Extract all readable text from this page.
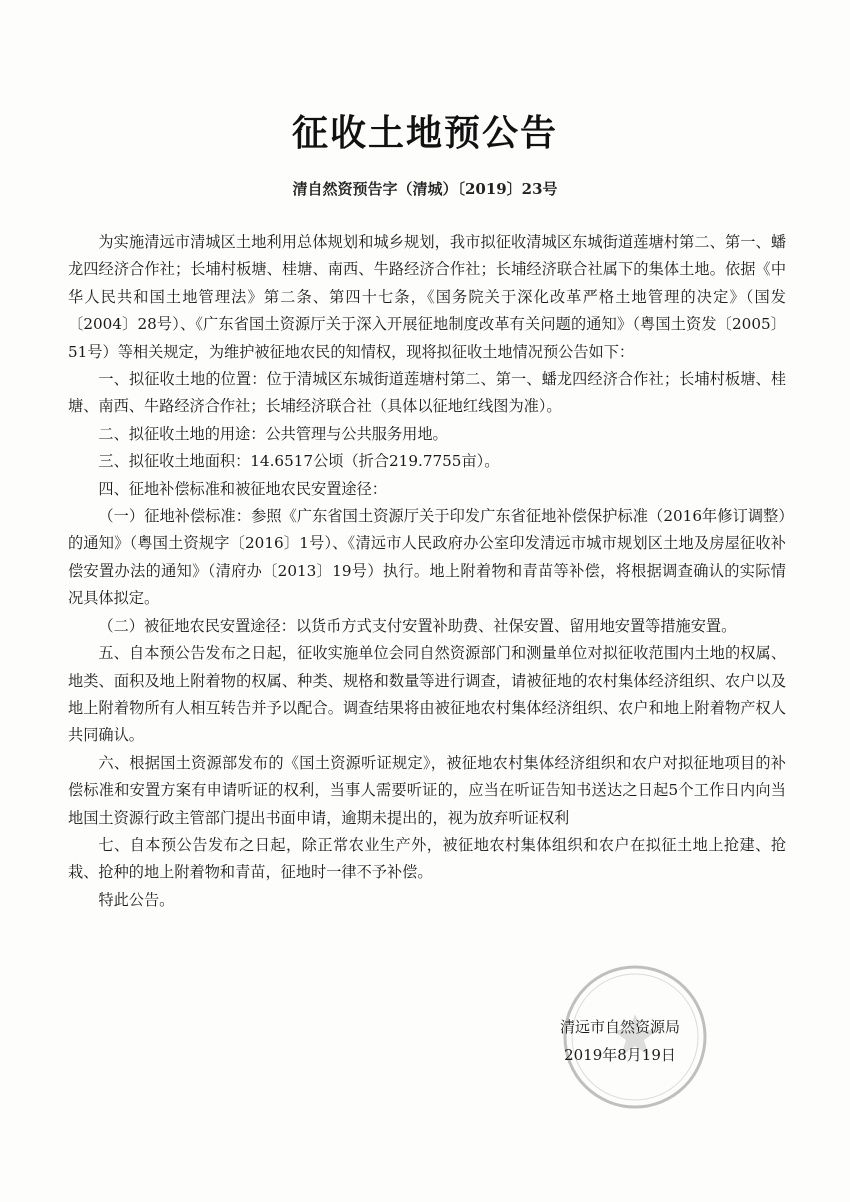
征收土地预公告
清自然资预告字（清城）〔2019〕23号

为实施清远市清城区土地利用总体规划和城乡规划，我市拟征收清城区东城街道莲塘村第二、第一、蟠龙四经济合作社；长埔村板塘、桂塘、南西、牛路经济合作社；长埔经济联合社属下的集体土地。依据《中华人民共和国土地管理法》第二条、第四十七条，《国务院关于深化改革严格土地管理的决定》（国发〔2004〕28号）、《广东省国土资源厅关于深入开展征地制度改革有关问题的通知》（粤国土资发〔2005〕51号）等相关规定，为维护被征地农民的知情权，现将拟征收土地情况预公告如下：

一、拟征收土地的位置：位于清城区东城街道莲塘村第二、第一、蟠龙四经济合作社；长埔村板塘、桂塘、南西、牛路经济合作社；长埔经济联合社（具体以征地红线图为准）。

二、拟征收土地的用途：公共管理与公共服务用地。

三、拟征收土地面积：14.6517公顷（折合219.7755亩）。

四、征地补偿标准和被征地农民安置途径：

（一）征地补偿标准：参照《广东省国土资源厅关于印发广东省征地补偿保护标准（2016年修订调整）的通知》（粤国土资规字〔2016〕1号）、《清远市人民政府办公室印发清远市城市规划区土地及房屋征收补偿安置办法的通知》（清府办〔2013〕19号）执行。地上附着物和青苗等补偿，将根据调查确认的实际情况具体拟定。

（二）被征地农民安置途径：以货币方式支付安置补助费、社保安置、留用地安置等措施安置。

五、自本预公告发布之日起，征收实施单位会同自然资源部门和测量单位对拟征收范围内土地的权属、地类、面积及地上附着物的权属、种类、规格和数量等进行调查，请被征地的农村集体经济组织、农户以及地上附着物所有人相互转告并予以配合。调查结果将由被征地农村集体经济组织、农户和地上附着物产权人共同确认。

六、根据国土资源部发布的《国土资源听证规定》，被征地农村集体经济组织和农户对拟征地项目的补偿标准和安置方案有申请听证的权利，当事人需要听证的，应当在听证告知书送达之日起5个工作日内向当地国土资源行政主管部门提出书面申请，逾期未提出的，视为放弃听证权利

七、自本预公告发布之日起，除正常农业生产外，被征地农村集体组织和农户在拟征土地上抢建、抢栽、抢种的地上附着物和青苗，征地时一律不予补偿。

特此公告。

清远市自然资源局
2019年8月19日
